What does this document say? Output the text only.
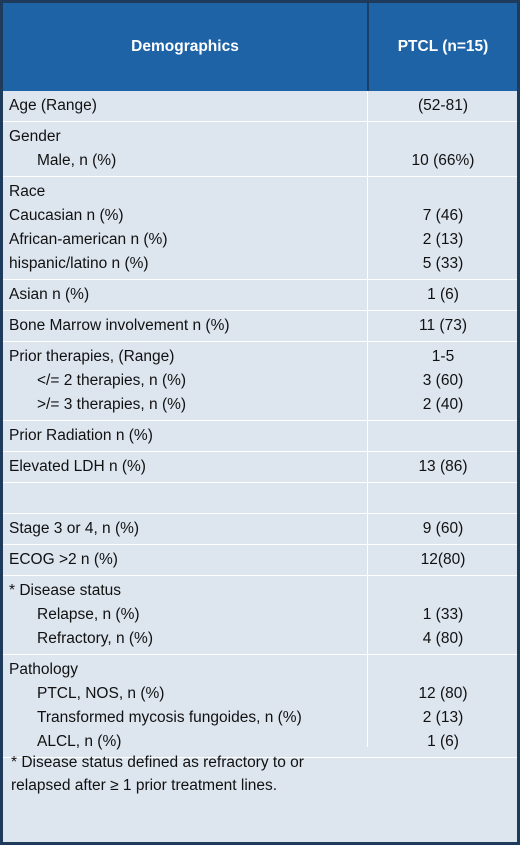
Demographics	PTCL (n=15)
Age (Range)	(52-81)
Gender
Male, n (%)	10 (66%)
Race
Caucasian n (%)	7 (46)
African-american n (%)	2 (13)
hispanic/latino n (%)	5 (33)
Asian n (%)	1 (6)
Bone Marrow involvement n (%)	11 (73)
Prior therapies, (Range)	1-5
</= 2 therapies, n (%)	3 (60)
>/= 3 therapies, n (%)	2 (40)
Prior Radiation n (%)
Elevated LDH n (%)	13 (86)
Stage 3 or 4, n (%)	9 (60)
ECOG >2 n (%)	12(80)
* Disease status
Relapse, n (%)	1 (33)
Refractory, n (%)	4 (80)
Pathology
PTCL, NOS, n (%)	12 (80)
Transformed mycosis fungoides, n (%)	2 (13)
ALCL, n (%)	1 (6)
* Disease status defined as refractory to or relapsed after ≥ 1 prior treatment lines.
